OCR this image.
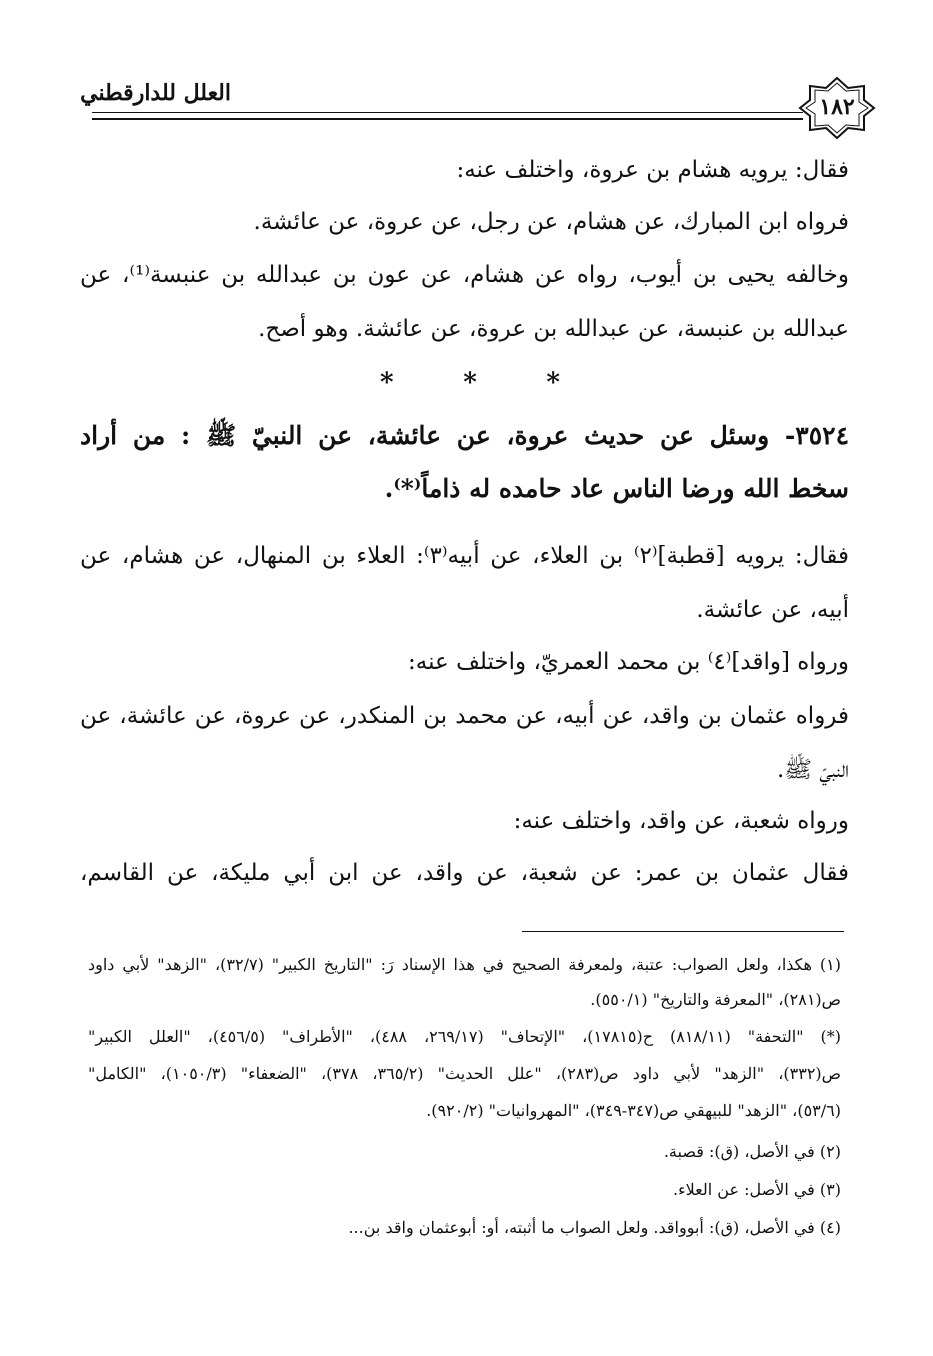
العلل للدارقطني
١٨٢
فقال: يرويه هشام بن عروة، واختلف عنه:
فرواه ابن المبارك، عن هشام، عن رجل، عن عروة، عن عائشة.
وخالفه يحيى بن أيوب، رواه عن هشام، عن عون بن عبدالله بن عنبسة⁽¹⁾، عن
عبدالله بن عنبسة، عن عبدالله بن عروة، عن عائشة. وهو أصح.
*	*	*
٣٥٢٤- وسئل عن حديث عروة، عن عائشة، عن النبيّ ﷺ : من أراد
سخط الله ورضا الناس عاد حامده له ذاماً⁽*⁾.
فقال: يرويه [قطبة]⁽٢⁾ بن العلاء، عن أبيه⁽٣⁾: العلاء بن المنهال، عن هشام، عن
أبيه، عن عائشة.
ورواه [واقد]⁽٤⁾ بن محمد العمريّ، واختلف عنه:
فرواه عثمان بن واقد، عن أبيه، عن محمد بن المنكدر، عن عروة، عن عائشة، عن
النبيّ ﷺ.
ورواه شعبة، عن واقد، واختلف عنه:
فقال عثمان بن عمر: عن شعبة، عن واقد، عن ابن أبي مليكة، عن القاسم،
(١) هكذا، ولعل الصواب: عتبة، ولمعرفة الصحيح في هذا الإسناد رَ: "التاريخ الكبير" (٣٢/٧)، "الزهد" لأبي داود
ص(٢٨١)، "المعرفة والتاريخ" (٥٥٠/١).
(*) "التحفة" (٨١٨/١١) ح(١٧٨١٥)، "الإتحاف" (٢٦٩/١٧، ٤٨٨)، "الأطراف" (٤٥٦/٥)، "العلل الكبير"
ص(٣٣٢)، "الزهد" لأبي داود ص(٢٨٣)، "علل الحديث" (٣٦٥/٢، ٣٧٨)، "الضعفاء" (١٠٥٠/٣)، "الكامل"
(٥٣/٦)، "الزهد" للبيهقي ص(٣٤٧-٣٤٩)، "المهروانيات" (٩٢٠/٢).
(٢) في الأصل، (ق): قصبة.
(٣) في الأصل: عن العلاء.
(٤) في الأصل، (ق): أبوواقد. ولعل الصواب ما أثبته، أو: أبوعثمان واقد بن...
